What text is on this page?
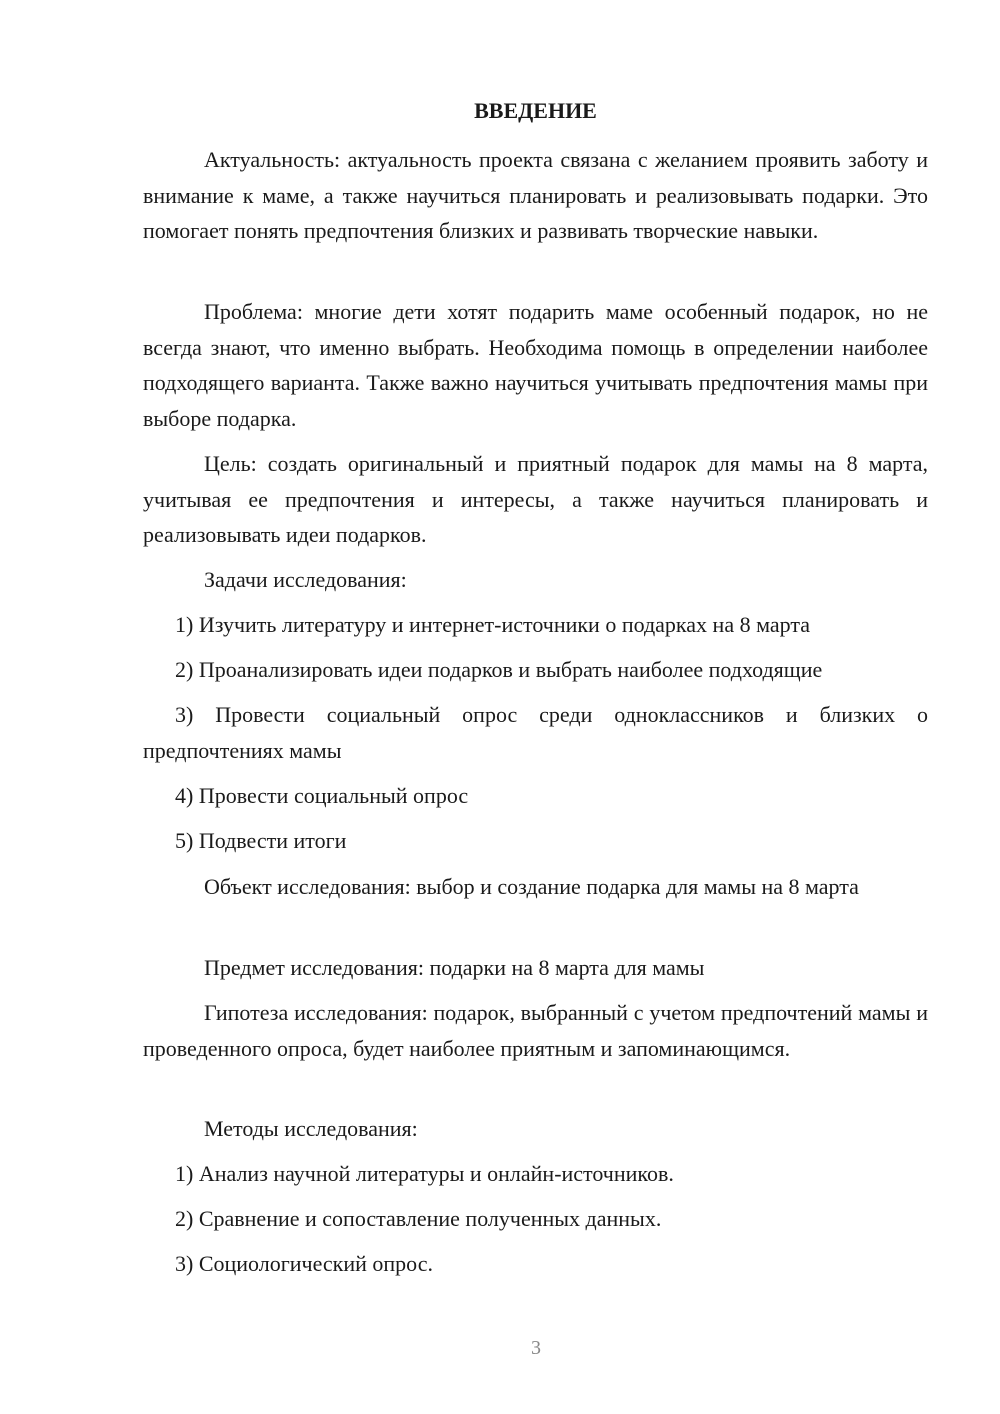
ВВЕДЕНИЕ

Актуальность: актуальность проекта связана с желанием проявить заботу и внимание к маме, а также научиться планировать и реализовывать подарки. Это помогает понять предпочтения близких и развивать творческие навыки.

Проблема: многие дети хотят подарить маме особенный подарок, но не всегда знают, что именно выбрать. Необходима помощь в определении наиболее подходящего варианта. Также важно научиться учитывать предпочтения мамы при выборе подарка.

Цель: создать оригинальный и приятный подарок для мамы на 8 марта, учитывая ее предпочтения и интересы, а также научиться планировать и реализовывать идеи подарков.

Задачи исследования:

1) Изучить литературу и интернет-источники о подарках на 8 марта

2) Проанализировать идеи подарков и выбрать наиболее подходящие

3) Провести социальный опрос среди одноклассников и близких о предпочтениях мамы

4) Провести социальный опрос

5) Подвести итоги

Объект исследования: выбор и создание подарка для мамы на 8 марта

Предмет исследования: подарки на 8 марта для мамы

Гипотеза исследования: подарок, выбранный с учетом предпочтений мамы и проведенного опроса, будет наиболее приятным и запоминающимся.

Методы исследования:

1) Анализ научной литературы и онлайн-источников.

2) Сравнение и сопоставление полученных данных.

3) Социологический опрос.

3
